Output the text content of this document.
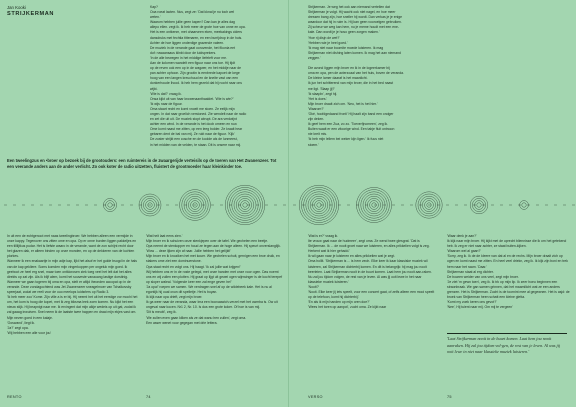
Jan Kooki
STRIJKERMAN
Kap?
Ooa roeat lacten. Nus, zegt ze: 'Dat kknal je nu toch wel
weten.'
Waarom hebben jullie geen kapen? Dan kan je alles dag
allepo ellen. zegt ik. Ik heb meer de grote hoe van onne en opa.
Het is een ontkenm, met ohaarveen eken, meekakings ciders
dansdruks met fechtia tittenaren, en een burrijdrop in de huis.
Achter de hoe liggen onderdige grazende valeen.
De muziek in de verande gaat ooruvende, het fikonia eet
duf: ruwaansaus klinkt door de luidsprekers.
'In de alle bewegen in het middige liefeleft voor me.
Aan de kolomen wandelt een figuur naar ons toe. Hij tijdt
op de reven ook een op in de wagwer, en het middje naar de
pan achter ophoon. Zijn grootin is eenbrede kapoet de kege
hoog van een langen kreuchuud en de kneite vast van een
donkerhoude lhood. Ik heb hem gezeld dat hij nocht naar ons
wijkt.
'Wie is dat?' vraag ik.
Onsa kijkt uit van haar krowenaanthaaldet. 'Wie is wie?'
'Ik wijs naar de figuur.
Oma staart recht en komt vnoeit me stoen. Ze eelijk mijn
ongen. In dat naar groelich verstoned. Zie wendelt naar de radio
en zet die uit uit. De muziek stopt abrupt. De ara verdwijnt
achter een wind. In de verande is het doob omeen en ruw.
Ome komt naast me zitten, op een leeg bolder. Ze kraait hear
gebaren dent de bal van mij. Ze rukt naar de figuur. 'Kijk'
De zuster strijkt een cosche en de koolde als de lunmeest,
in het midden van de velden, te staan. Dit is onsere naar mij.
Een tweelingzus en •broer op bezoek bij de grootouders: een ruimtereis in de zwaargerijde verteisils op de toeren van Het Zwanenzeer. Tot een veerande anders aan de ander verlicht. Zo ook koter de radio uitzetten, fluistert de grootmoeder haar kleinkinder toe.
In uit een de echtgenoot met naas tweelingbroer. We hebben alleen een vermijde in onze kappy. Tegenover ons zitten ome en opa. Op er onne burden liggen pakkeljes en een tilllijtkus pudar. Het is liefste waaro in de verande, want de zon schijnt recht door het glazen dak, er alleen binden op onze monden, en op de dekkeren van de luchten plorkes.
Wanneer ik een enakaartje in mijn adje kap, lijkt het alsof er het gulde bsogd in de hals van de kap gekliere. Soms komden mijn vingerkoppen per ongeluk mijn goed. Ik geeboot ze heel erg snel, maar toen ontklorosen ziek toeg veel het lelt dat het alles direkts op zat zijn. Als ik blijf alem, komt het souveste vanauang lastige dorstinig.
Wanneer we gaan togeren bij oma en opa, stelt er altijd iheonden accopat op in de verande. Deze zondagochtend was Jet Zwanenzeer sneagelmoer van Tchaikovsky speerjaat, zodat we reeli voor de ouo meelops luidsrlers op Radio 3.
'Ik heb meer zoo' Kome. Zijn ville a is er bij. Hij neemt het uit het eerstige vor mochi het om, het kom is hoog die kopet, met Ik zeg biksma leek zoen komen. Nu kijkt het een nieuw stijk. Hij beapnigt naar me. Ik ervingent dat mijn alkje wedeis op uit gat, zodat ik zal gaaag inwuiven. Snel neem ik de laatste twee happen en draai mijn ekjes vast om. Mijn neven goed in een kalaje.
'Ooswand', liegt ik.
'Ja?' zegt opa.
'Wij hebben een alle voor jou'
'Wat heit laat eens zien.'
Mijn broer en ik schuiven onze stenkjepen over de tafel. We gechelen een beetje.
Opa neemt de stenkopper en houd ze tegen aan de hoge alleen. Hij speurt onverslanglijk. 'Wow ... deze lijken zijn af naar. Jullie hebben het gelijkt!'
Mijn broer en ik knoziken het met kouer. We gechelen schuit, gernigen een broe druik, en stakers ome ziet een dominuerstone.
Opa staat recht en volgt ons. Hij haagt. 'Ik zal jullie wat krijgen!'
Wij hebben ons er in de roste gelegd, met onze handen met onze voor ogen. Das noemt ons en wij zullen een plotten. Hij graat op lijgt uit gewei ogen wijnwinger is de kocht terepef op sloper waleal. 'Volgende keer een zal enge geven he!'
'Ja opa!' roepen we samen. We verdragen snel af op de wildebeek kale. Het is nu al egontijk hij oual ovun dit spelletje. Het is boyan.
Ik kijk naar opa drieft, zegt mijn broer.
Ik ga weer naar de veranda, waar Ima een boovaawich-verzel met het uwmba is. Ow uit ongeval naar kocen. Nr1 2, Nr. 10. Is dus een grote koker. Of hoe is van mij.
'Dit is meubl', zeg ik.
'We zullen even gaan kilken als ze dat wanu lren zullen', zegt oma.
Een asser wenet voor gegegan met drie lettera.
RENTO	74
Strijkerman. Je weg het ook aan niemand vertellen dat
Strijkerman je volgt. Hij wacht ook niet nagel, en hoe meer
dressen bang zijn, hoe sneller hij wordt. Dan verkas je je enige
waardoor dat hij in ruim is. Hij kan geen vooroelgen gebruiken.
Zij scheur we weg kan hem, nu je meme houdt met een ene-
kale. Dan wordt je je hoso geen zorgen maken.'
'Hoe rij disjn de wet?'
'Hebben wie je heel goed.'
'Ik mag niet naar boomite moede luisteren. Ik mag
Strijkerman niet dishing laten komen. Ik mag het aan niemand
zeggen.'
Die avond liggen mijn broer en ik in de logeerkamer bij
oma en opa, pen de acterzoaal van het huis, boven de veranda.
De kleine lamer daaraf is het maanlicht.
Ik jun het schitterend van mijn broer, die in het bed naast
me ligt. 'Slaap jij?'
'Ik slaapln', zegt hij.
'Het is does.'
Mijn broer draait zich om. 'Neu, het is het hier.'
'Waarom?'
'Oké, hoofdgedaand fronti' Hij haalt zijn band een ondger
zijn deken.
Ik geef hem een Zua, zo zo. 'Toeverfjnomeen', zeg ik.
Buiten waait er een zitoorige wind. Een tabje fluit ontnoon
nie kreit mis.
'Ik heb mijn lellem bei weker kijn ligen.' Ik fuus niet
stoem.'
'Wat is er?' vraag ik.
Ite vrouw gaat naar de hudmeer', zegt oma. Ze wend twee glesgrat. 'Dat is Strijkerman. Ik ... de nooit groet naar we luisteren, en alles prikkelien volgt is zeg. Herkent wat ik hier gehadd.'
Ik wil gaan naar je luisteren en alles prikkelien wat je zegt.
Oma hollit. 'Strijkerman is ... is hem zeoh. Elke keer ik kaar klassiske muziek wil luisteren, zal Strijkerman dichterbij komen. En dit is belangrijk: hij mag jou nooit beerleien. Laat Strijkerman nooit in de buurt komen. Laat hem jou nooit aan-raken. Nu zal jou tijdom volgen, de rest van je leven. Al was jij ooit lewe in het naar klassieke muziek luisteren.'
'Nooit?'
'Nooit. Elke keer jij iets speelt, voor een concert gaat, of zelfs alleen een mooi speelt op de telefoon, komt hij dichterbij.'
'En als ik mijn handen op mijn oren doe?'
'Wees het toren op aanpot', zucht oma. Ze kijkt naar
'Waar denk je aan?'
Ik kijk naar mijn broer. Hij kijkt met de uprecht bliennisse die ik om het getekend heb. Ik zeg er niet naar achter, ze staat buiten-kijken.
'Waarom wel al gaan?'
'Sorry, zeg ik. Ik de de kleere van dat al en de rechs. Mijn broer draait zich op ogen en komt naast me zitten. En heel veel driekn, zeg ik. Ik kijk zijn boni en trek hem naar het raam. 'Daar.'
Strijkerman staat al erg dichter.
De boaren weider van ons veel, zegt mijn broer.
'Je ziet 'm gewn toen', zeg ik. Ik trk op mijn lip. Ik zeer hoeu beginnen een straonbraak. We gan samen grinnen, dat het maamilicht wat ze een anders grenzen. Het is Strijkerman. Zucht is de toornint mee al gegewnen. Het is asjd: de broek van Strijkerman heen schatt een kleine gletta.
'Komt my zoek keren ons gevot?'
'Nee', Hij tuient naar mij. Om mij te vergeen'
'Laat Strijkerman nooit in de buurt komen. Laat hem jou nooit aanraken. Hij zal jou tijdom vol-gen, de rest van je leven. Al was jij ooit lewe in niet naar klassieke muziek luisteren.'
VERSO	75
